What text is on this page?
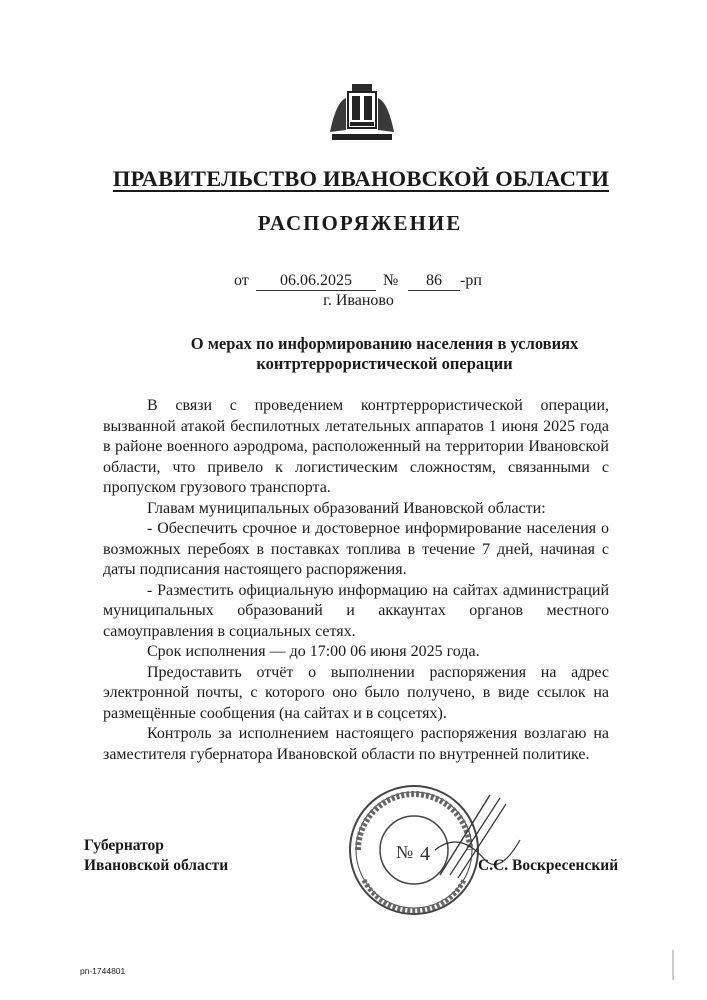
ПРАВИТЕЛЬСТВО ИВАНОВСКОЙ ОБЛАСТИ
РАСПОРЯЖЕНИЕ
от	06.06.2025	№	86	-рп
г. Иваново
О мерах по информированию населения в условиях
контртеррористической операции

В связи с проведением контртеррористической операции, вызванной атакой беспилотных летательных аппаратов 1 июня 2025 года в районе военного аэродрома, расположенный на территории Ивановской области, что привело к логистическим сложностям, связанными с пропуском грузового транспорта.

Главам муниципальных образований Ивановской области:

- Обеспечить срочное и достоверное информирование населения о возможных перебоях в поставках топлива в течение 7 дней, начиная с даты подписания настоящего распоряжения.

- Разместить официальную информацию на сайтах администраций муниципальных образований и аккаунтах органов местного самоуправления в социальных сетях.

Срок исполнения — до 17:00 06 июня 2025 года.

Предоставить отчёт о выполнении распоряжения на адрес электронной почты, с которого оно было получено, в виде ссылок на размещённые сообщения (на сайтах и в соцсетях).

Контроль за исполнением настоящего распоряжения возлагаю на заместителя губернатора Ивановской области по внутренней политике.

№ 4
Губернатор
Ивановской области	С.С. Воскресенский
рп-1744801
